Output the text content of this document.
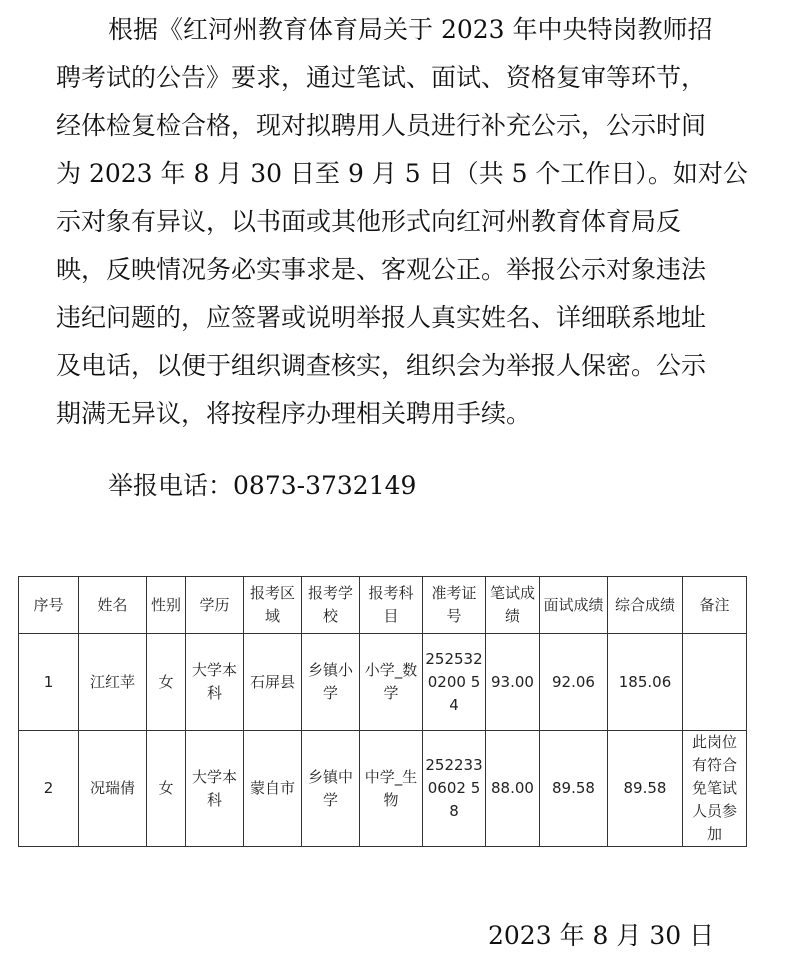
根据《红河州教育体育局关于 2023 年中央特岗教师招
聘考试的公告》要求，通过笔试、面试、资格复审等环节，
经体检复检合格，现对拟聘用人员进行补充公示，公示时间
为 2023 年 8 月 30 日至 9 月 5 日（共 5 个工作日）。如对公
示对象有异议，以书面或其他形式向红河州教育体育局反
映，反映情况务必实事求是、客观公正。举报公示对象违法
违纪问题的，应签署或说明举报人真实姓名、详细联系地址
及电话，以便于组织调查核实，组织会为举报人保密。公示
期满无异议，将按程序办理相关聘用手续。
举报电话：0873-3732149
序号	姓名	性别	学历	报考区域	报考学校	报考科目	准考证号	笔试成绩	面试成绩	综合成绩	备注
1	江红苹	女	大学本科	石屏县	乡镇小学	小学_数学	2525320200 54	93.00	92.06	185.06	
2	况瑞倩	女	大学本科	蒙自市	乡镇中学	中学_生物	2522330602 58	88.00	89.58	89.58	此岗位有符合免笔试人员参加
2023 年 8 月 30 日
